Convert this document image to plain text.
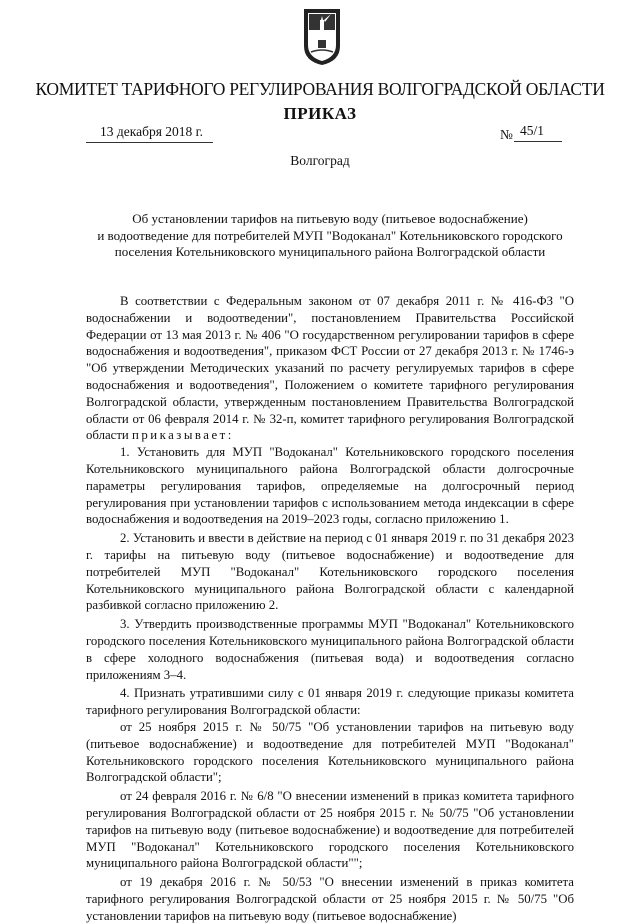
КОМИТЕТ ТАРИФНОГО РЕГУЛИРОВАНИЯ ВОЛГОГРАДСКОЙ ОБЛАСТИ
ПРИКАЗ
13 декабря 2018 г.	№ 45/1
Волгоград
Об установлении тарифов на питьевую воду (питьевое водоснабжение)
и водоотведение для потребителей МУП "Водоканал" Котельниковского городского
поселения Котельниковского муниципального района Волгоградской области

В соответствии с Федеральным законом от 07 декабря 2011 г. № 416-ФЗ "О водоснабжении и водоотведении", постановлением Правительства Российской Федерации от 13 мая 2013 г. № 406 "О государственном регулировании тарифов в сфере водоснабжения и водоотведения", приказом ФСТ России от 27 декабря 2013 г. № 1746-э "Об утверждении Методических указаний по расчету регулируемых тарифов в сфере водоснабжения и водоотведения", Положением о комитете тарифного регулирования Волгоградской области, утвержденным постановлением Правительства Волгоградской области от 06 февраля 2014 г. № 32-п, комитет тарифного регулирования Волгоградской области приказывает:

1. Установить для МУП "Водоканал" Котельниковского городского поселения Котельниковского муниципального района Волгоградской области долгосрочные параметры регулирования тарифов, определяемые на долгосрочный период регулирования при установлении тарифов с использованием метода индексации в сфере водоснабжения и водоотведения на 2019–2023 годы, согласно приложению 1.

2. Установить и ввести в действие на период с 01 января 2019 г. по 31 декабря 2023 г. тарифы на питьевую воду (питьевое водоснабжение) и водоотведение для потребителей МУП "Водоканал" Котельниковского городского поселения Котельниковского муниципального района Волгоградской области с календарной разбивкой согласно приложению 2.

3. Утвердить производственные программы МУП "Водоканал" Котельниковского городского поселения Котельниковского муниципального района Волгоградской области в сфере холодного водоснабжения (питьевая вода) и водоотведения согласно приложениям 3–4.

4. Признать утратившими силу с 01 января 2019 г. следующие приказы комитета тарифного регулирования Волгоградской области:

от 25 ноября 2015 г. № 50/75 "Об установлении тарифов на питьевую воду (питьевое водоснабжение) и водоотведение для потребителей МУП "Водоканал" Котельниковского городского поселения Котельниковского муниципального района Волгоградской области";

от 24 февраля 2016 г. № 6/8 "О внесении изменений в приказ комитета тарифного регулирования Волгоградской области от 25 ноября 2015 г. № 50/75 "Об установлении тарифов на питьевую воду (питьевое водоснабжение) и водоотведение для потребителей МУП "Водоканал" Котельниковского городского поселения Котельниковского муниципального района Волгоградской области"";

от 19 декабря 2016 г. № 50/53 "О внесении изменений в приказ комитета тарифного регулирования Волгоградской области от 25 ноября 2015 г. № 50/75 "Об установлении тарифов на питьевую воду (питьевое водоснабжение)
